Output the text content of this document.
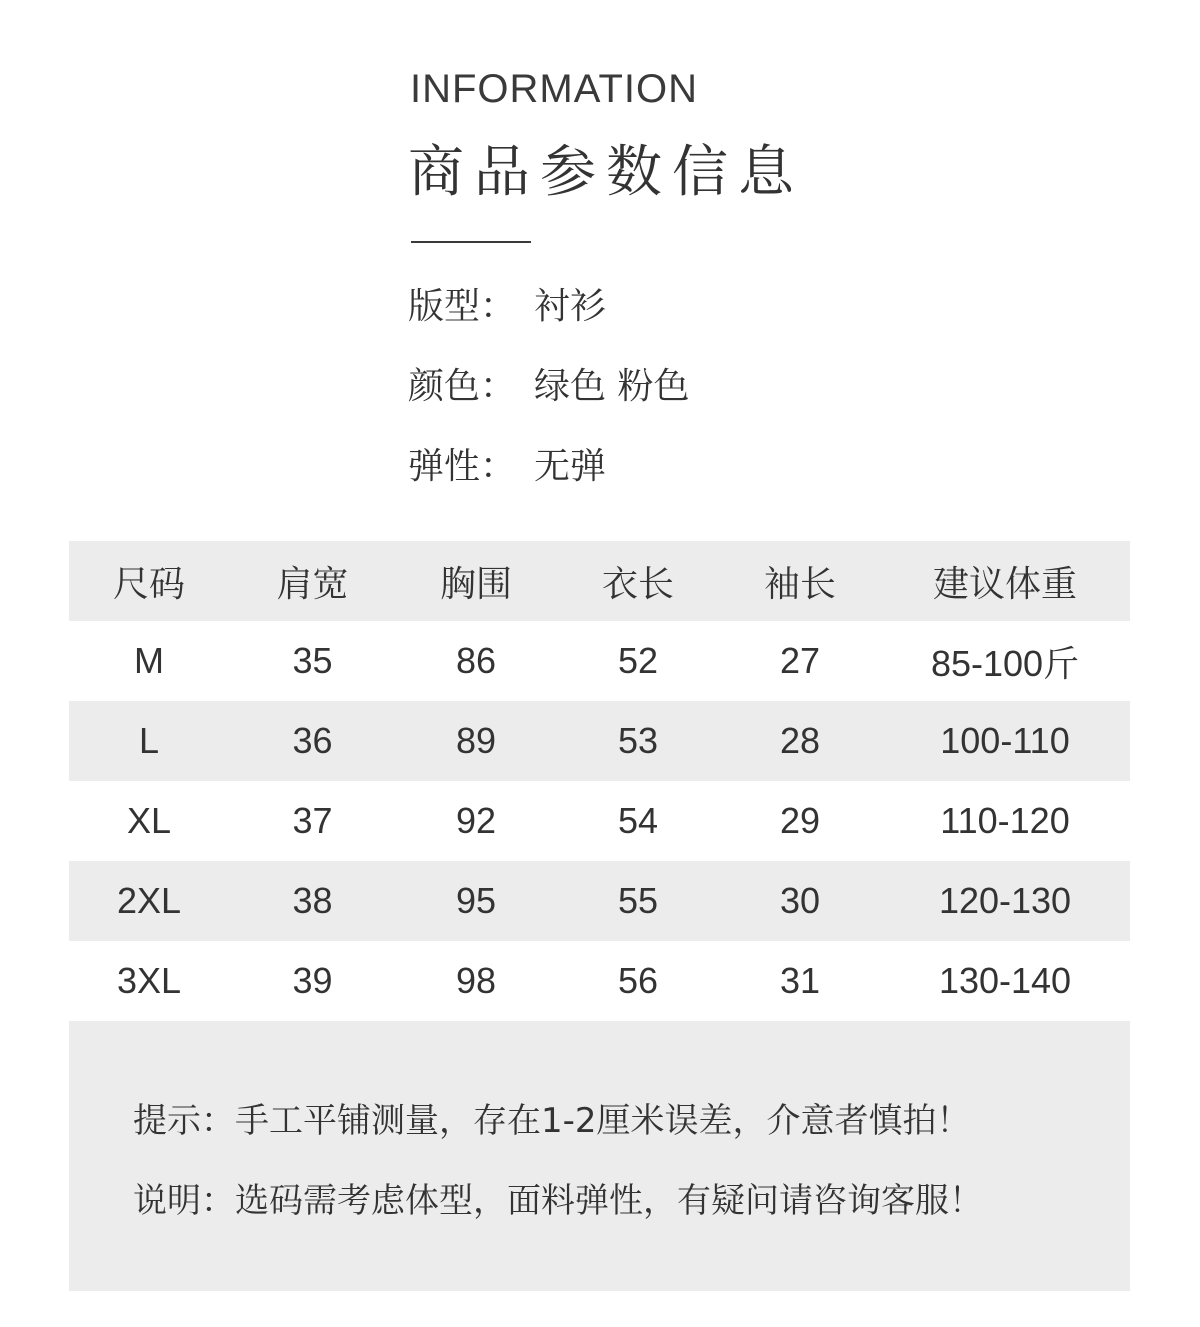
INFORMATION
商品参数信息
版型： 衬衫
颜色： 绿色 粉色
弹性： 无弹
尺码	肩宽	胸围	衣长	袖长	建议体重
M	35	86	52	27	85-100斤
L	36	89	53	28	100-110
XL	37	92	54	29	110-120
2XL	38	95	55	30	120-130
3XL	39	98	56	31	130-140
提示：手工平铺测量，存在1-2厘米误差，介意者慎拍！
说明：选码需考虑体型，面料弹性，有疑问请咨询客服！
